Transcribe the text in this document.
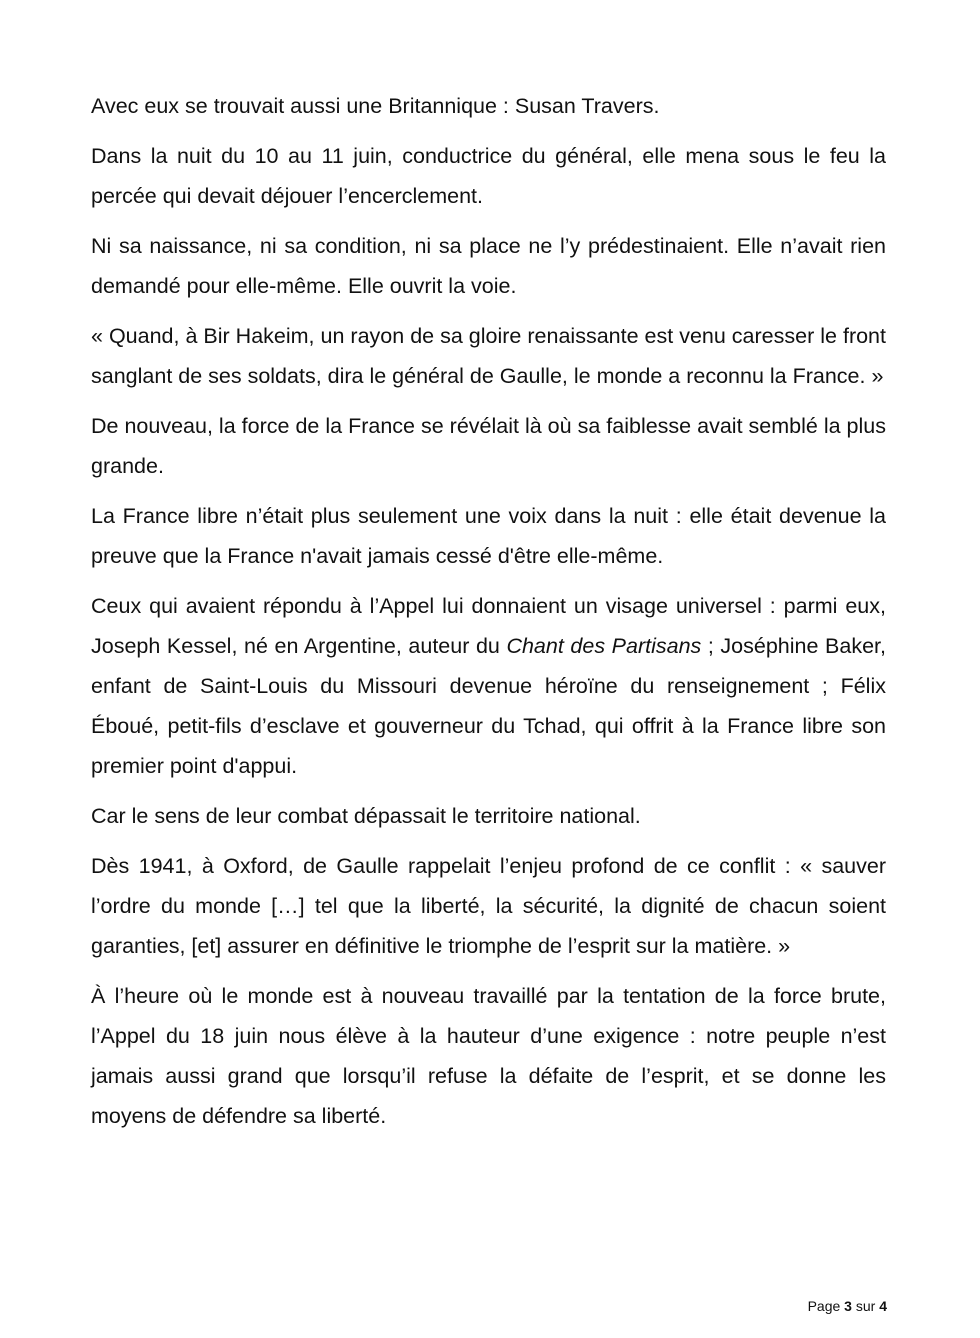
Avec eux se trouvait aussi une Britannique : Susan Travers.

Dans la nuit du 10 au 11 juin, conductrice du général, elle mena sous le feu la percée qui devait déjouer l’encerclement.

Ni sa naissance, ni sa condition, ni sa place ne l’y prédestinaient. Elle n’avait rien demandé pour elle-même. Elle ouvrit la voie.

« Quand, à Bir Hakeim, un rayon de sa gloire renaissante est venu caresser le front sanglant de ses soldats, dira le général de Gaulle, le monde a reconnu la France. »

De nouveau, la force de la France se révélait là où sa faiblesse avait semblé la plus grande.

La France libre n’était plus seulement une voix dans la nuit : elle était devenue la preuve que la France n'avait jamais cessé d'être elle-même.

Ceux qui avaient répondu à l’Appel lui donnaient un visage universel : parmi eux, Joseph Kessel, né en Argentine, auteur du Chant des Partisans ; Joséphine Baker, enfant de Saint-Louis du Missouri devenue héroïne du renseignement ; Félix Éboué, petit-fils d’esclave et gouverneur du Tchad, qui offrit à la France libre son premier point d'appui.

Car le sens de leur combat dépassait le territoire national.

Dès 1941, à Oxford, de Gaulle rappelait l’enjeu profond de ce conflit : « sauver l’ordre du monde […] tel que la liberté, la sécurité, la dignité de chacun soient garanties, [et] assurer en définitive le triomphe de l’esprit sur la matière. »

À l’heure où le monde est à nouveau travaillé par la tentation de la force brute, l’Appel du 18 juin nous élève à la hauteur d’une exigence : notre peuple n’est jamais aussi grand que lorsqu’il refuse la défaite de l’esprit, et se donne les moyens de défendre sa liberté.

Page 3 sur 4
